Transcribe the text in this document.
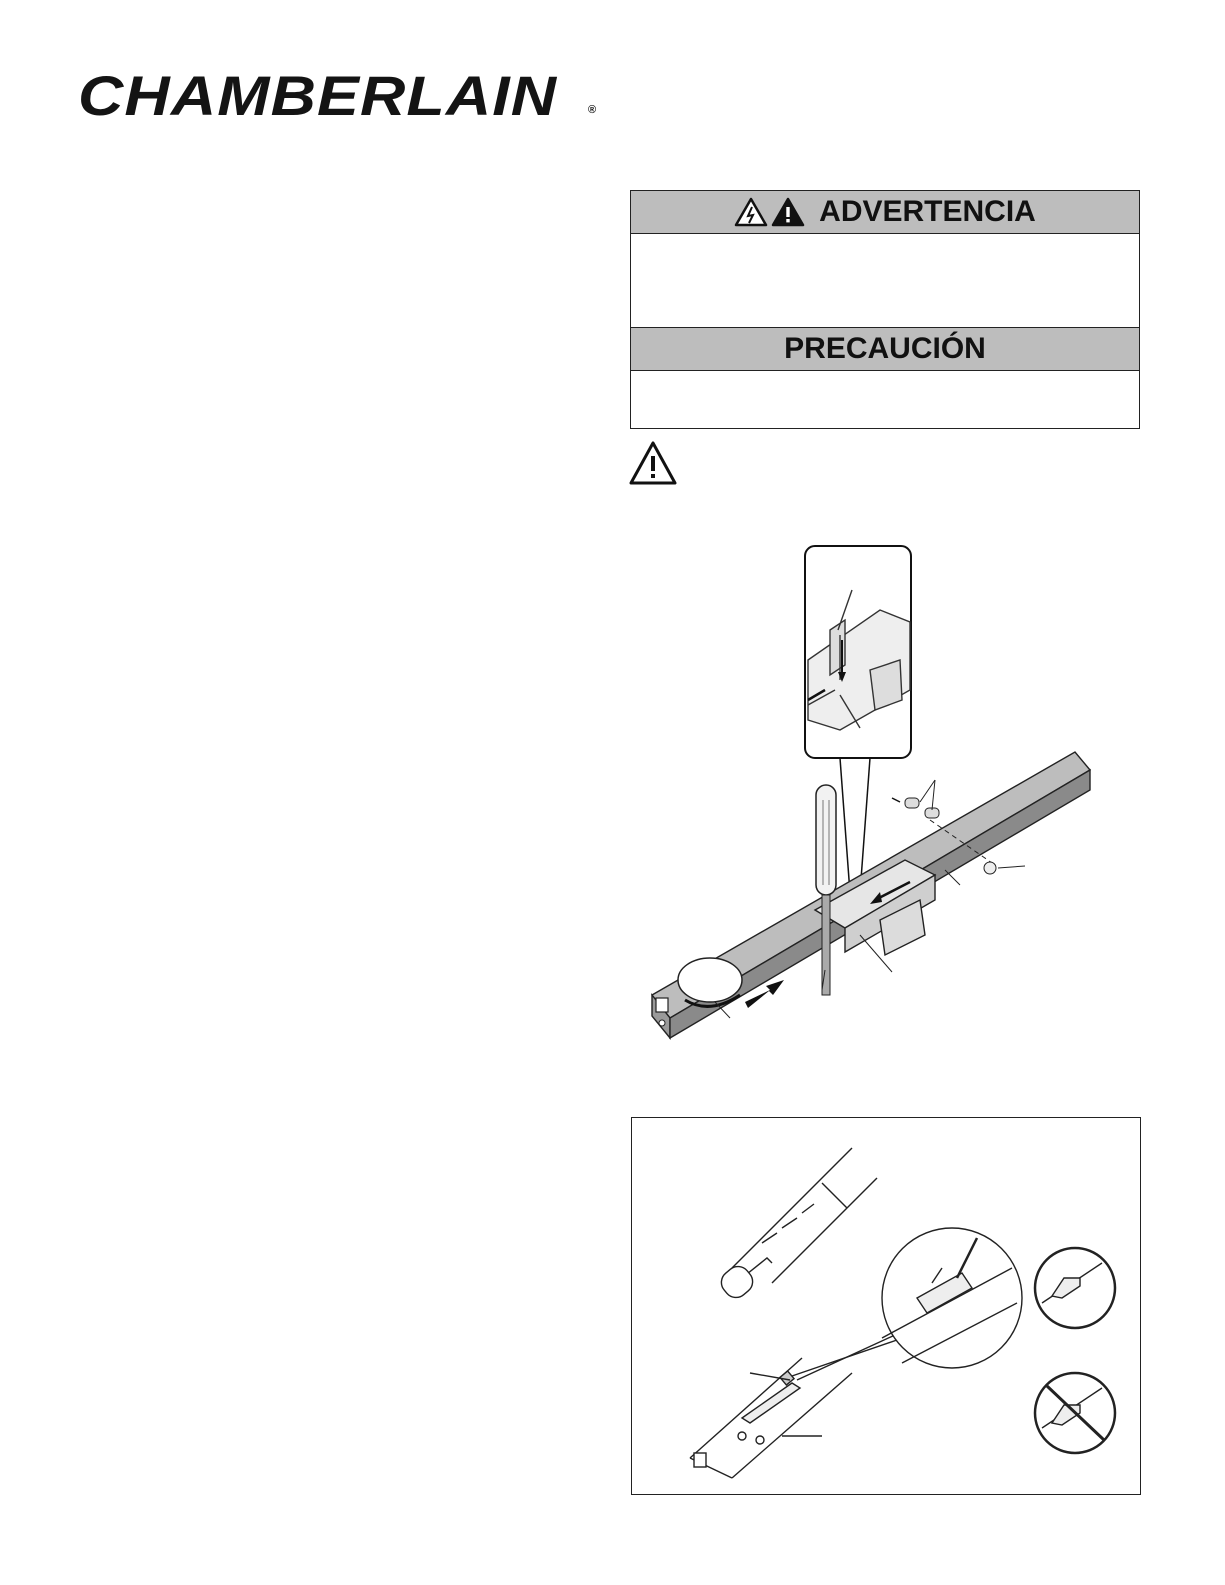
CHAMBERLAIN	®
ADVERTENCIA
PRECAUCIÓN
